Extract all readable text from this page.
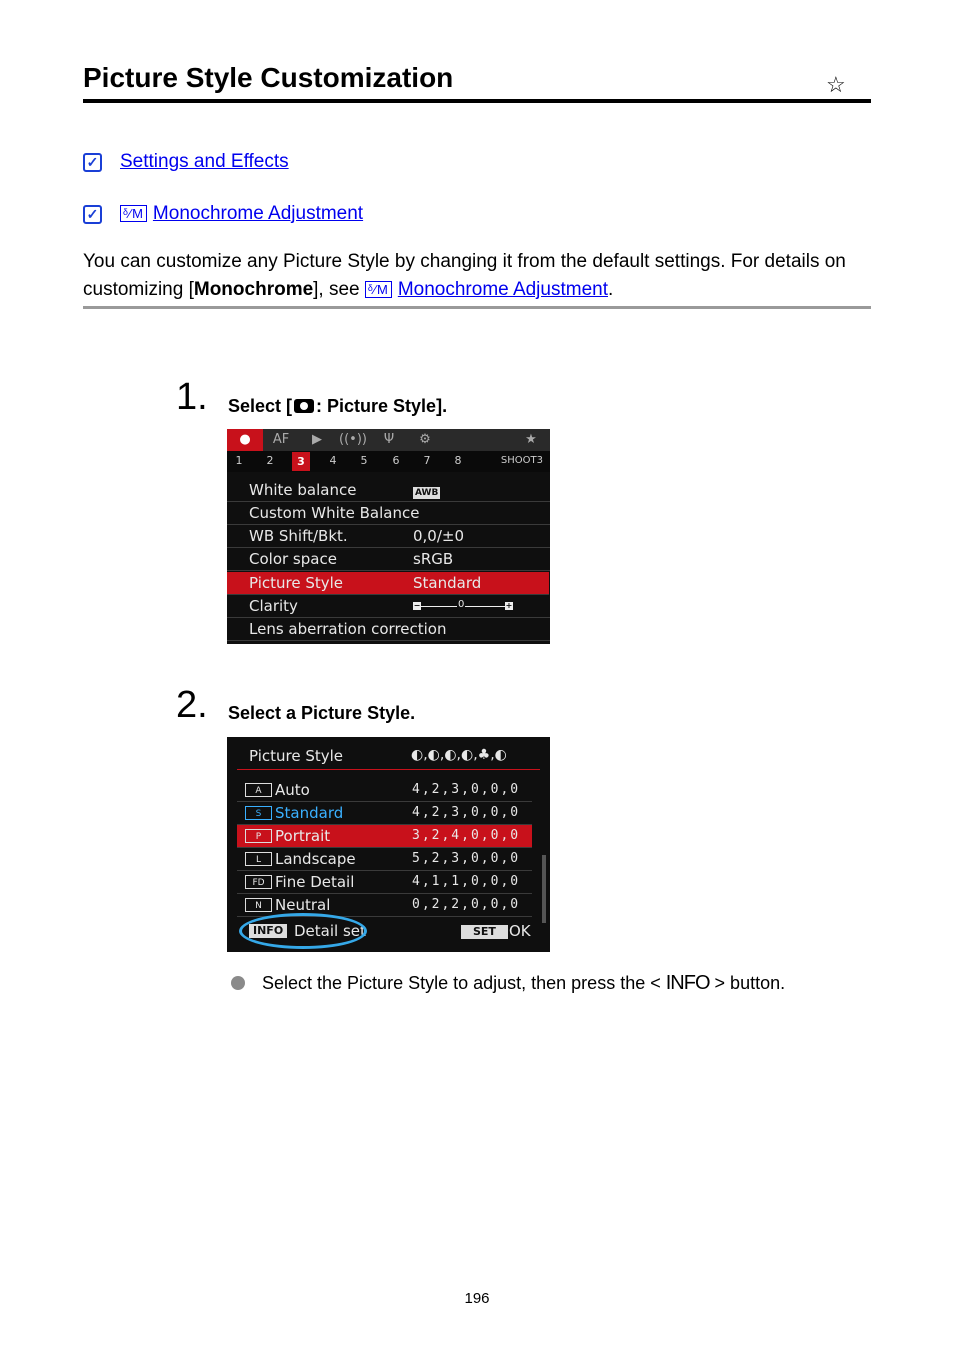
Picture Style Customization	☆
✓ Settings and Effects
✓ ᵟ⁄M Monochrome Adjustment
You can customize any Picture Style by changing it from the default settings. For details on customizing [Monochrome], see ᵟ⁄M Monochrome Adjustment.
1. Select [ : Picture Style].
●	AF	▶	((•))	Ψ	⚙	★
1	2	3	4	5	6	7	8	SHOOT3
White balance	AWB
Custom White Balance
WB Shift/Bkt.	0,0/±0
Color space	sRGB
Picture Style	Standard
Clarity	−	+
0
Lens aberration correction
2. Select a Picture Style.
Picture Style	◐,◐,◐,◐,♣,◐
A Auto	4,2,3,0,0,0
S Standard	4,2,3,0,0,0
P Portrait	3,2,4,0,0,0
L Landscape	5,2,3,0,0,0
FD Fine Detail	4,1,1,0,0,0
N Neutral	0,2,2,0,0,0
INFO Detail set	SET OK
Select the Picture Style to adjust, then press the < INFO > button.
196
